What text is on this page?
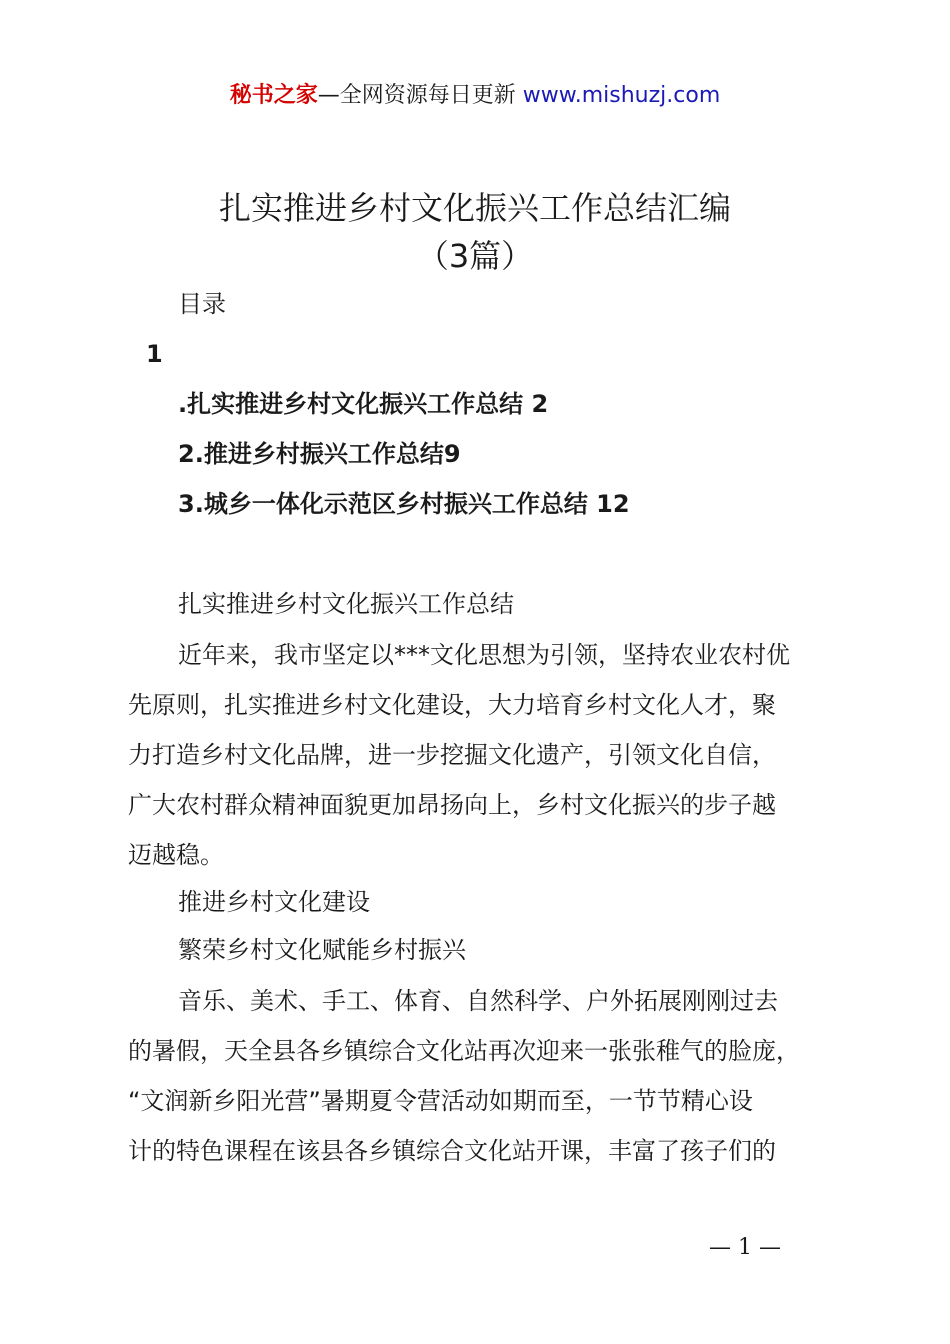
秘书之家—全网资源每日更新 www.mishuzj.com
扎实推进乡村文化振兴工作总结汇编
（3篇）
目录
1
.扎实推进乡村文化振兴工作总结 2
2.推进乡村振兴工作总结9
3.城乡一体化示范区乡村振兴工作总结 12
扎实推进乡村文化振兴工作总结
近年来，我市坚定以***文化思想为引领，坚持农业农村优
先原则，扎实推进乡村文化建设，大力培育乡村文化人才，聚
力打造乡村文化品牌，进一步挖掘文化遗产，引领文化自信，
广大农村群众精神面貌更加昂扬向上，乡村文化振兴的步子越
迈越稳。
推进乡村文化建设
繁荣乡村文化赋能乡村振兴
音乐、美术、手工、体育、自然科学、户外拓展刚刚过去
的暑假，天全县各乡镇综合文化站再次迎来一张张稚气的脸庞，
“文润新乡阳光营”暑期夏令营活动如期而至，一节节精心设
计的特色课程在该县各乡镇综合文化站开课，丰富了孩子们的
— 1 —
